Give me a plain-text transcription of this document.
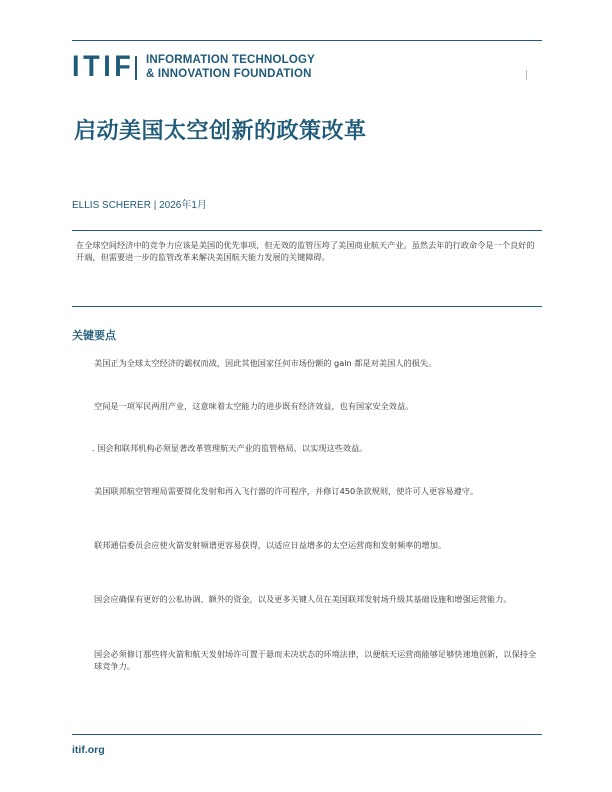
ITIF INFORMATION TECHNOLOGY
& INNOVATION FOUNDATION
启动美国太空创新的政策改革
ELLIS SCHERER | 2026年1月
在全球空间经济中的竞争力应该是美国的优先事项，但无效的监管压垮了美国商业航天产业。虽然去年的行政命令是一个良好的开端，但需要进一步的监管改革来解决美国航天能力发展的关键障碍。
关键要点
美国正为全球太空经济的霸权而战，因此其他国家任何市场份额的 gain 都是对美国人的损失。
空间是一项军民两用产业，这意味着太空能力的进步既有经济效益，也有国家安全效益。
. 国会和联邦机构必须显著改革管理航天产业的监管格局，以实现这些效益。
美国联邦航空管理局需要简化发射和再入飞行器的许可程序，并修订450条款规则，使许可人更容易遵守。
联邦通信委员会应使火箭发射频谱更容易获得，以适应日益增多的太空运营商和发射频率的增加。
国会应确保有更好的公私协调、额外的资金，以及更多关键人员在美国联邦发射场升级其基础设施和增强运营能力。
国会必须修订那些将火箭和航天发射场许可置于悬而未决状态的环境法律，以便航天运营商能够足够快速地创新，以保持全球竞争力。
itif.org
